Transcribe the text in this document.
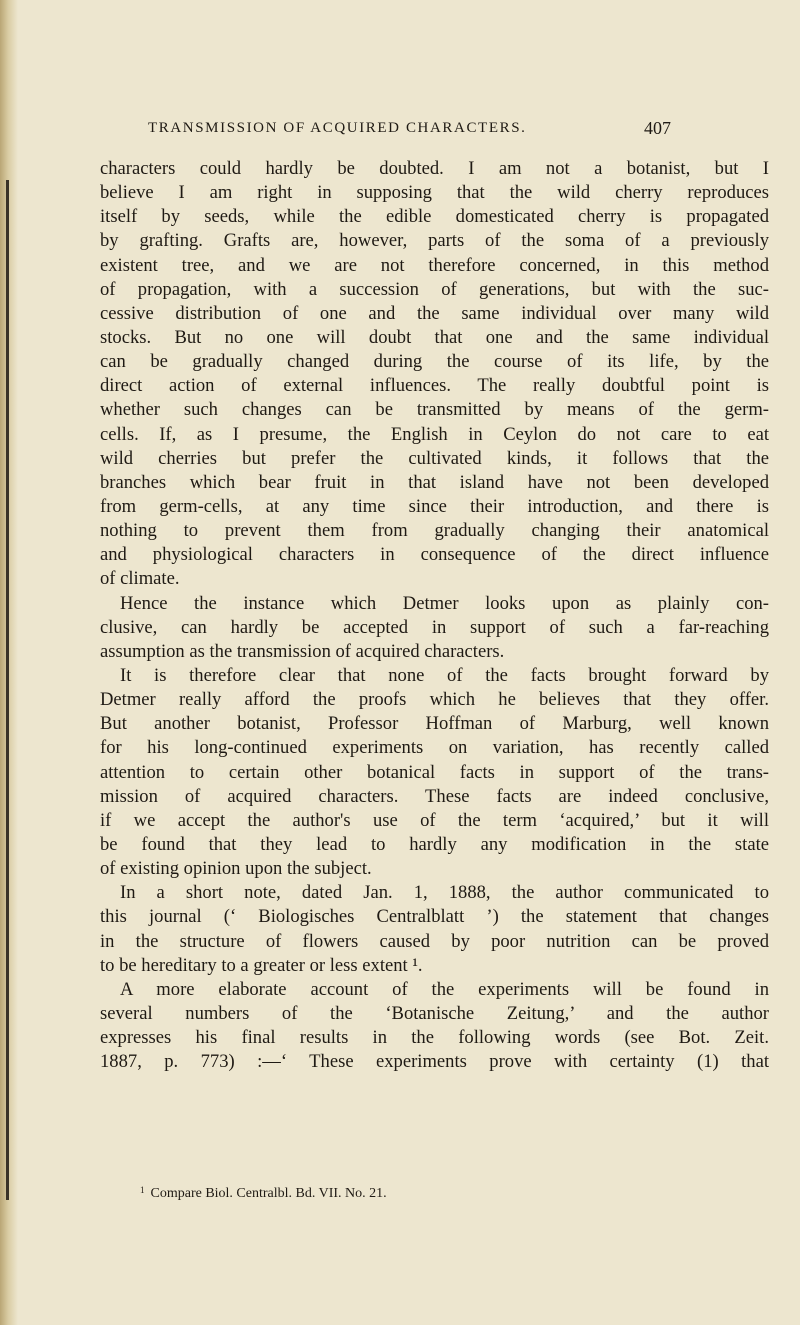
TRANSMISSION OF ACQUIRED CHARACTERS.	407
characters could hardly be doubted. I am not a botanist, but I
believe I am right in supposing that the wild cherry reproduces
itself by seeds, while the edible domesticated cherry is propagated
by grafting. Grafts are, however, parts of the soma of a previously
existent tree, and we are not therefore concerned, in this method
of propagation, with a succession of generations, but with the suc-
cessive distribution of one and the same individual over many wild
stocks. But no one will doubt that one and the same individual
can be gradually changed during the course of its life, by the
direct action of external influences. The really doubtful point is
whether such changes can be transmitted by means of the germ-
cells. If, as I presume, the English in Ceylon do not care to eat
wild cherries but prefer the cultivated kinds, it follows that the
branches which bear fruit in that island have not been developed
from germ-cells, at any time since their introduction, and there is
nothing to prevent them from gradually changing their anatomical
and physiological characters in consequence of the direct influence
of climate.
Hence the instance which Detmer looks upon as plainly con-
clusive, can hardly be accepted in support of such a far-reaching
assumption as the transmission of acquired characters.
It is therefore clear that none of the facts brought forward by
Detmer really afford the proofs which he believes that they offer.
But another botanist, Professor Hoffman of Marburg, well known
for his long-continued experiments on variation, has recently called
attention to certain other botanical facts in support of the trans-
mission of acquired characters. These facts are indeed conclusive,
if we accept the author's use of the term ‘acquired,’ but it will
be found that they lead to hardly any modification in the state
of existing opinion upon the subject.
In a short note, dated Jan. 1, 1888, the author communicated to
this journal (‘ Biologisches Centralblatt ’) the statement that changes
in the structure of flowers caused by poor nutrition can be proved
to be hereditary to a greater or less extent ¹.
A more elaborate account of the experiments will be found in
several numbers of the ‘Botanische Zeitung,’ and the author
expresses his final results in the following words (see Bot. Zeit.
1887, p. 773) :—‘ These experiments prove with certainty (1) that
$^1$ Compare Biol. Centralbl. Bd. VII. No. 21.
